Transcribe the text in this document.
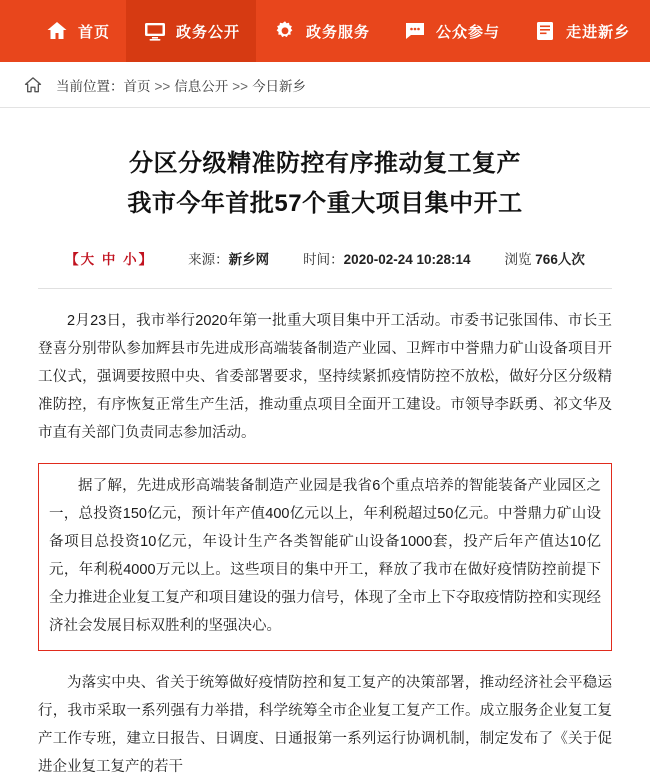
首页	政务公开	政务服务	公众参与	走进新乡
当前位置：首页 >> 信息公开 >> 今日新乡
分区分级精准防控有序推动复工复产
我市今年首批57个重大项目集中开工
【大 中 小】	来源：新乡网	时间：2020-02-24 10:28:14	浏览 766人次

2月23日，我市举行2020年第一批重大项目集中开工活动。市委书记张国伟、市长王登喜分别带队参加辉县市先进成形高端装备制造产业园、卫辉市中誉鼎力矿山设备项目开工仪式，强调要按照中央、省委部署要求，坚持续紧抓疫情防控不放松，做好分区分级精准防控，有序恢复正常生产生活，推动重点项目全面开工建设。市领导李跃勇、祁文华及市直有关部门负责同志参加活动。

据了解，先进成形高端装备制造产业园是我省6个重点培养的智能装备产业园区之一，总投资150亿元，预计年产值400亿元以上，年利税超过50亿元。中誉鼎力矿山设备项目总投资10亿元，年设计生产各类智能矿山设备1000套，投产后年产值达10亿元，年利税4000万元以上。这些项目的集中开工，释放了我市在做好疫情防控前提下全力推进企业复工复产和项目建设的强力信号，体现了全市上下夺取疫情防控和实现经济社会发展目标双胜利的坚强决心。

为落实中央、省关于统筹做好疫情防控和复工复产的决策部署，推动经济社会平稳运行，我市采取一系列强有力举措，科学统筹全市企业复工复产工作。成立服务企业复工复产工作专班，建立日报告、日调度、日通报第一系列运行协调机制，制定发布了《关于促进企业复工复产的若干
